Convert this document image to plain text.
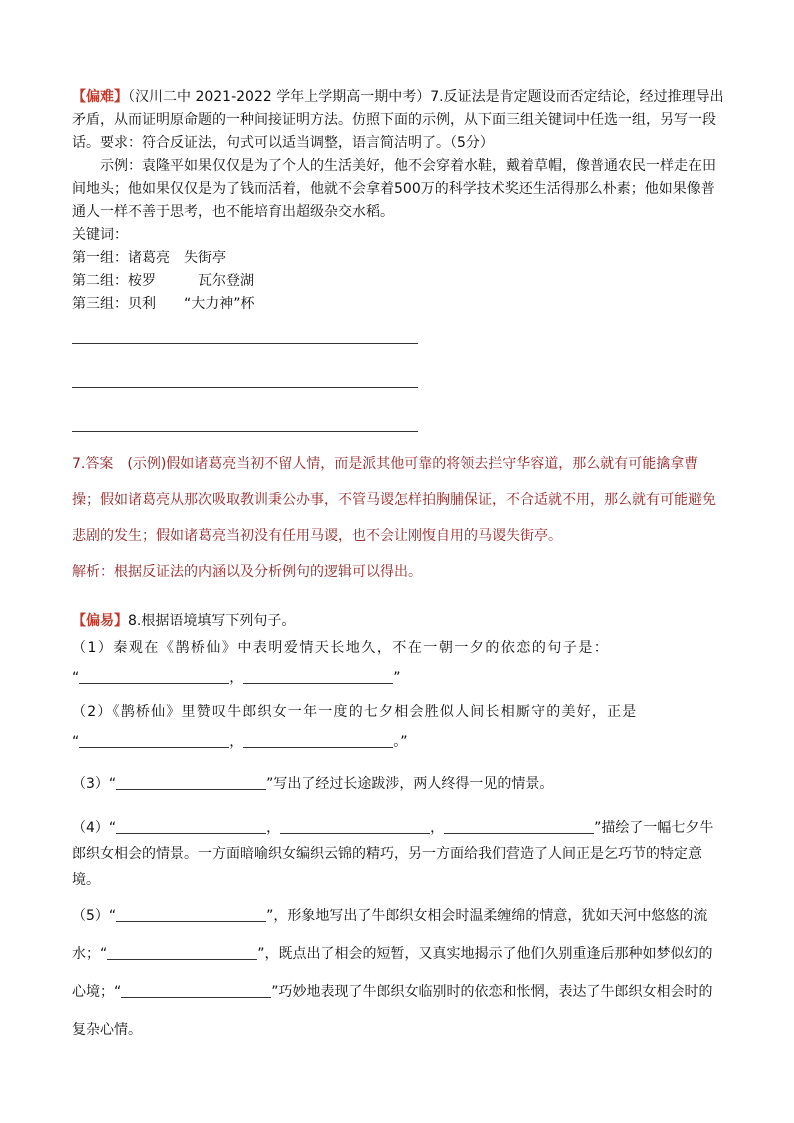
【偏难】（汉川二中 2021-2022 学年上学期高一期中考）7.反证法是肯定题设而否定结论，经过推理导出矛盾，从而证明原命题的一种间接证明方法。仿照下面的示例，从下面三组关键词中任选一组，另写一段话。要求：符合反证法，句式可以适当调整，语言简洁明了。（5分）

示例：袁隆平如果仅仅是为了个人的生活美好，他不会穿着水鞋，戴着草帽，像普通农民一样走在田间地头；他如果仅仅是为了钱而活着，他就不会拿着500万的科学技术奖还生活得那么朴素；他如果像普通人一样不善于思考，也不能培育出超级杂交水稻。

关键词：

第一组：诸葛亮　失街亭

第二组：桉罗　　　瓦尔登湖

第三组：贝利　　“大力神”杯

7.答案　(示例)假如诸葛亮当初不留人情，而是派其他可靠的将领去拦守华容道，那么就有可能擒拿曹操；假如诸葛亮从那次吸取教训秉公办事，不管马谡怎样拍胸脯保证，不合适就不用，那么就有可能避免悲剧的发生；假如诸葛亮当初没有任用马谡，也不会让刚愎自用的马谡失街亭。

解析：根据反证法的内涵以及分析例句的逻辑可以得出。

【偏易】8.根据语境填写下列句子。

（1）秦观在《鹊桥仙》中表明爱情天长地久，不在一朝一夕的依恋的句子是：

“	，	”

（2）《鹊桥仙》里赞叹牛郎织女一年一度的七夕相会胜似人间长相厮守的美好，正是

“	，	。”

（3）“	”写出了经过长途跋涉，两人终得一见的情景。

（4）“	，	，	”描绘了一幅七夕牛郎织女相会的情景。一方面暗喻织女编织云锦的精巧，另一方面给我们营造了人间正是乞巧节的特定意境。

（5）“	”，形象地写出了牛郎织女相会时温柔缠绵的情意，犹如天河中悠悠的流水；“	”，既点出了相会的短暂，又真实地揭示了他们久别重逢后那种如梦似幻的心境；“	”巧妙地表现了牛郎织女临别时的依恋和怅惘，表达了牛郎织女相会时的复杂心情。
